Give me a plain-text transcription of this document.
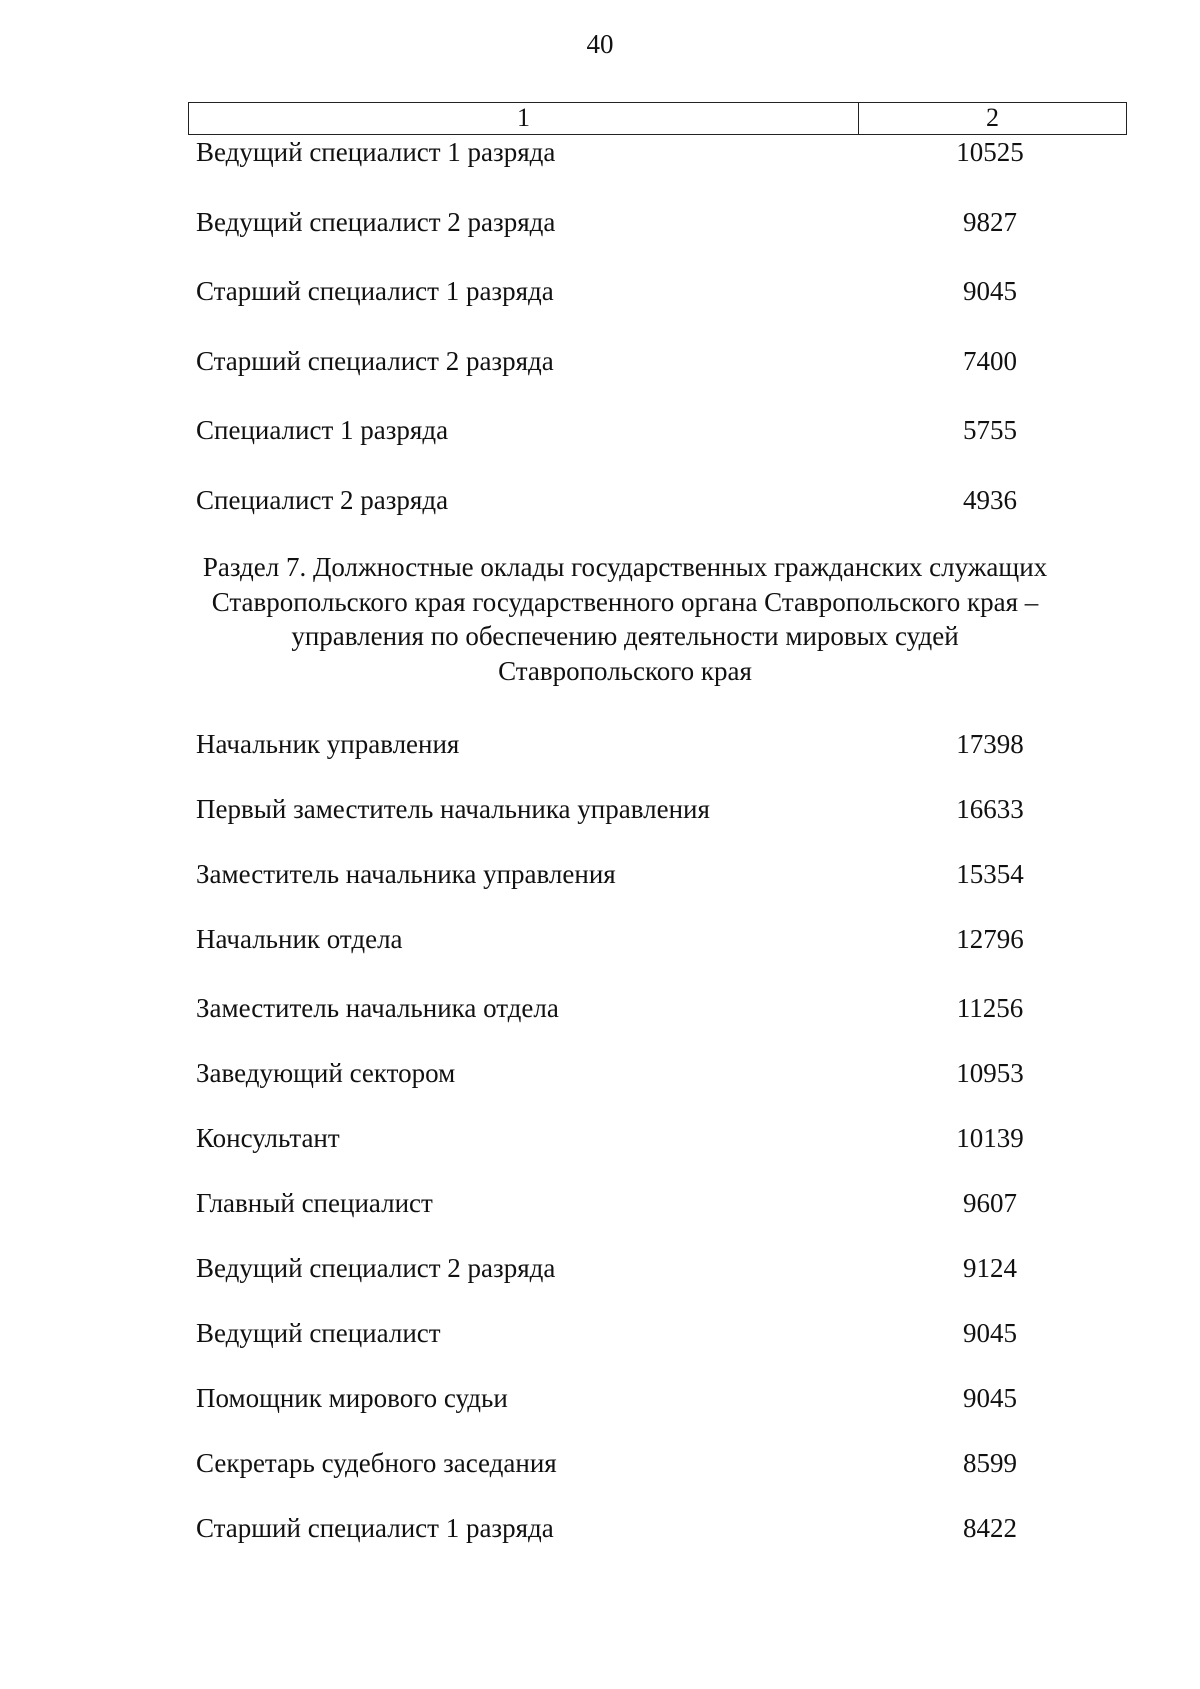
40
1	2
Ведущий специалист 1 разряда	10525
Ведущий специалист 2 разряда	9827
Старший специалист 1 разряда	9045
Старший специалист 2 разряда	7400
Специалист 1 разряда	5755
Специалист 2 разряда	4936
Раздел 7. Должностные оклады государственных гражданских служащих
Ставропольского края государственного органа Ставропольского края –
управления по обеспечению деятельности мировых судей
Ставропольского края
Начальник управления	17398
Первый заместитель начальника управления	16633
Заместитель начальника управления	15354
Начальник отдела	12796
Заместитель начальника отдела	11256
Заведующий сектором	10953
Консультант	10139
Главный специалист	9607
Ведущий специалист 2 разряда	9124
Ведущий специалист	9045
Помощник мирового судьи	9045
Секретарь судебного заседания	8599
Старший специалист 1 разряда	8422
